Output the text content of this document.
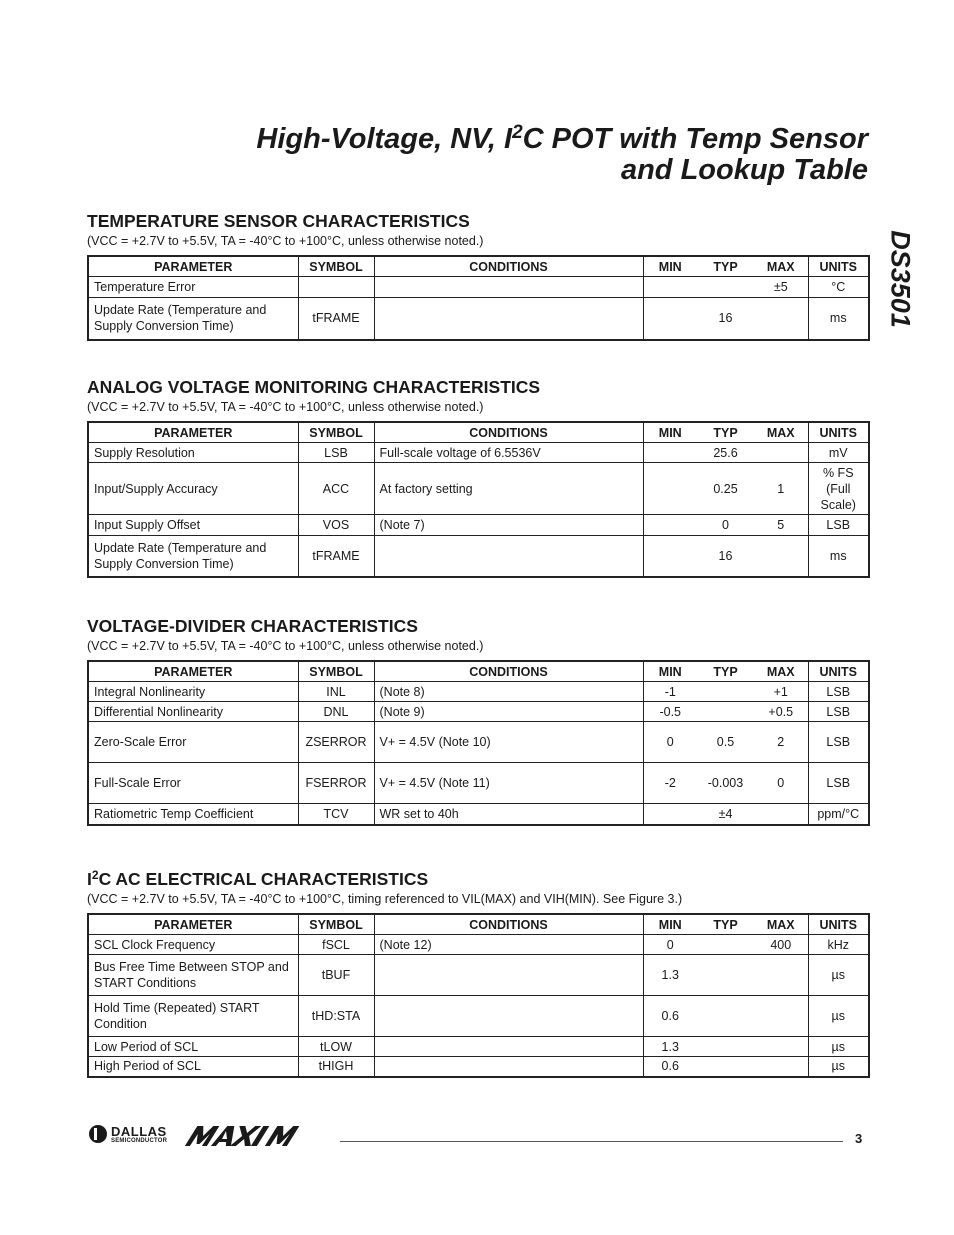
High-Voltage, NV, $I^2C$ POT with Temp Sensor
and Lookup Table
DS3501
TEMPERATURE SENSOR CHARACTERISTICS
(VCC = +2.7V to +5.5V, TA = -40°C to +100°C, unless otherwise noted.)
PARAMETER	SYMBOL	CONDITIONS	MIN	TYP	MAX	UNITS
Temperature Error					±5	°C
Update Rate (Temperature and Supply Conversion Time)	tFRAME			16		ms
ANALOG VOLTAGE MONITORING CHARACTERISTICS
(VCC = +2.7V to +5.5V, TA = -40°C to +100°C, unless otherwise noted.)
PARAMETER	SYMBOL	CONDITIONS	MIN	TYP	MAX	UNITS
Supply Resolution	LSB	Full-scale voltage of 6.5536V		25.6		mV
Input/Supply Accuracy	ACC	At factory setting		0.25	1	% FS (Full Scale)
Input Supply Offset	VOS	(Note 7)		0	5	LSB
Update Rate (Temperature and Supply Conversion Time)	tFRAME			16		ms
VOLTAGE-DIVIDER CHARACTERISTICS
(VCC = +2.7V to +5.5V, TA = -40°C to +100°C, unless otherwise noted.)
PARAMETER	SYMBOL	CONDITIONS	MIN	TYP	MAX	UNITS
Integral Nonlinearity	INL	(Note 8)	-1		+1	LSB
Differential Nonlinearity	DNL	(Note 9)	-0.5		+0.5	LSB
Zero-Scale Error	ZSERROR	V+ = 4.5V (Note 10)	0	0.5	2	LSB
Full-Scale Error	FSERROR	V+ = 4.5V (Note 11)	-2	-0.003	0	LSB
Ratiometric Temp Coefficient	TCV	WR set to 40h		±4		ppm/°C
$I^2C$ AC ELECTRICAL CHARACTERISTICS
(VCC = +2.7V to +5.5V, TA = -40°C to +100°C, timing referenced to VIL(MAX) and VIH(MIN). See Figure 3.)
PARAMETER	SYMBOL	CONDITIONS	MIN	TYP	MAX	UNITS
SCL Clock Frequency	fSCL	(Note 12)	0		400	kHz
Bus Free Time Between STOP and START Conditions	tBUF		1.3			µs
Hold Time (Repeated) START Condition	tHD:STA		0.6			µs
Low Period of SCL	tLOW		1.3			µs
High Period of SCL	tHIGH		0.6			µs
DALLAS
SEMICONDUCTOR	3
